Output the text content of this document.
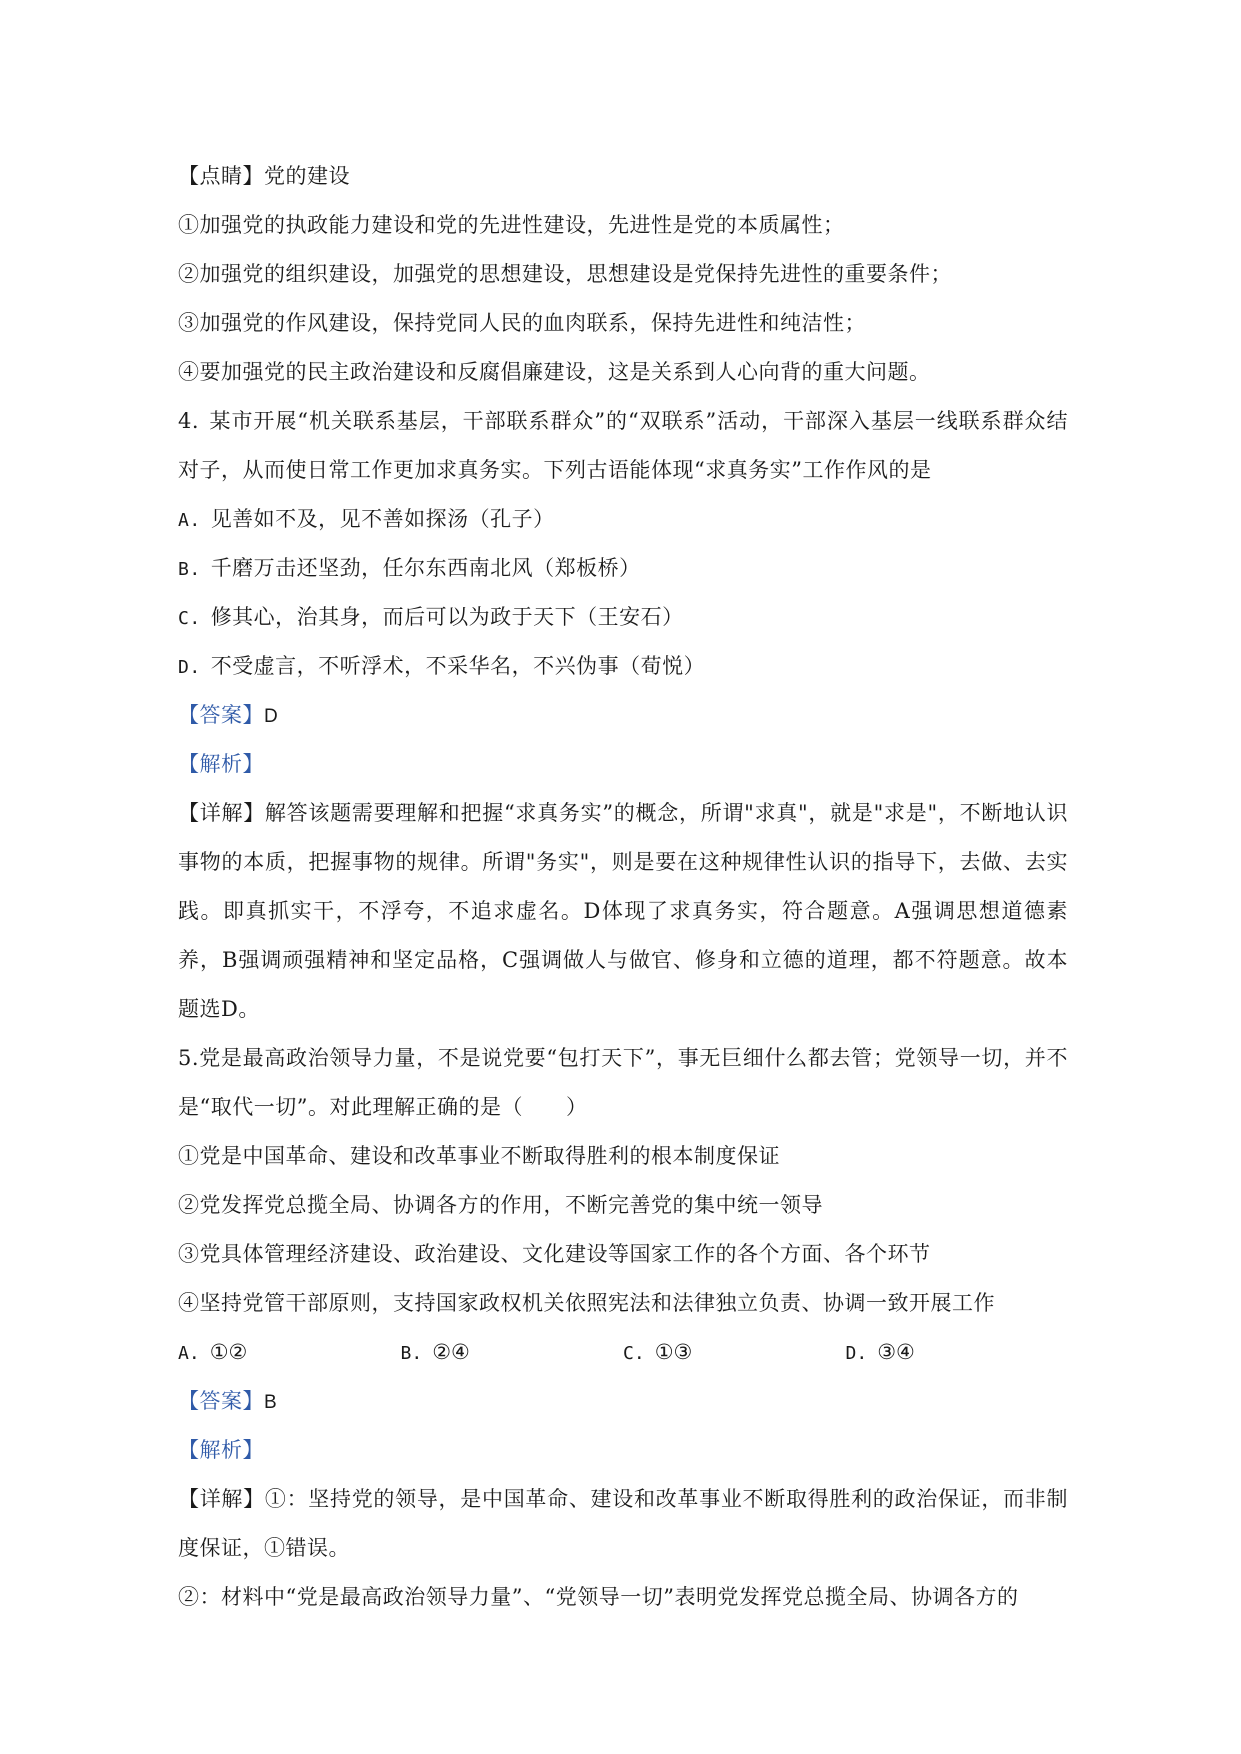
【点睛】党的建设
①加强党的执政能力建设和党的先进性建设，先进性是党的本质属性；
②加强党的组织建设，加强党的思想建设，思想建设是党保持先进性的重要条件；
③加强党的作风建设，保持党同人民的血肉联系，保持先进性和纯洁性；
④要加强党的民主政治建设和反腐倡廉建设，这是关系到人心向背的重大问题。
4. 某市开展“机关联系基层，干部联系群众”的“双联系”活动，干部深入基层一线联系群众结对子，从而使日常工作更加求真务实。下列古语能体现“求真务实”工作作风的是
A. 见善如不及，见不善如探汤（孔子）
B. 千磨万击还坚劲，任尔东西南北风（郑板桥）
C. 修其心，治其身，而后可以为政于天下（王安石）
D. 不受虚言，不听浮术，不采华名，不兴伪事（荀悦）
【答案】D
【解析】
【详解】解答该题需要理解和把握“求真务实”的概念，所谓"求真"，就是"求是"，不断地认识事物的本质，把握事物的规律。所谓"务实"，则是要在这种规律性认识的指导下，去做、去实践。即真抓实干，不浮夸，不追求虚名。D体现了求真务实，符合题意。A强调思想道德素养，B强调顽强精神和坚定品格，C强调做人与做官、修身和立德的道理，都不符题意。故本题选D。
5.党是最高政治领导力量，不是说党要“包打天下”，事无巨细什么都去管；党领导一切，并不是“取代一切”。对此理解正确的是（　　）
①党是中国革命、建设和改革事业不断取得胜利的根本制度保证
②党发挥党总揽全局、协调各方的作用，不断完善党的集中统一领导
③党具体管理经济建设、政治建设、文化建设等国家工作的各个方面、各个环节
④坚持党管干部原则，支持国家政权机关依照宪法和法律独立负责、协调一致开展工作
A. ①②	B. ②④	C. ①③	D. ③④
【答案】B
【解析】
【详解】①：坚持党的领导，是中国革命、建设和改革事业不断取得胜利的政治保证，而非制度保证，①错误。
②：材料中“党是最高政治领导力量”、“党领导一切”表明党发挥党总揽全局、协调各方的
